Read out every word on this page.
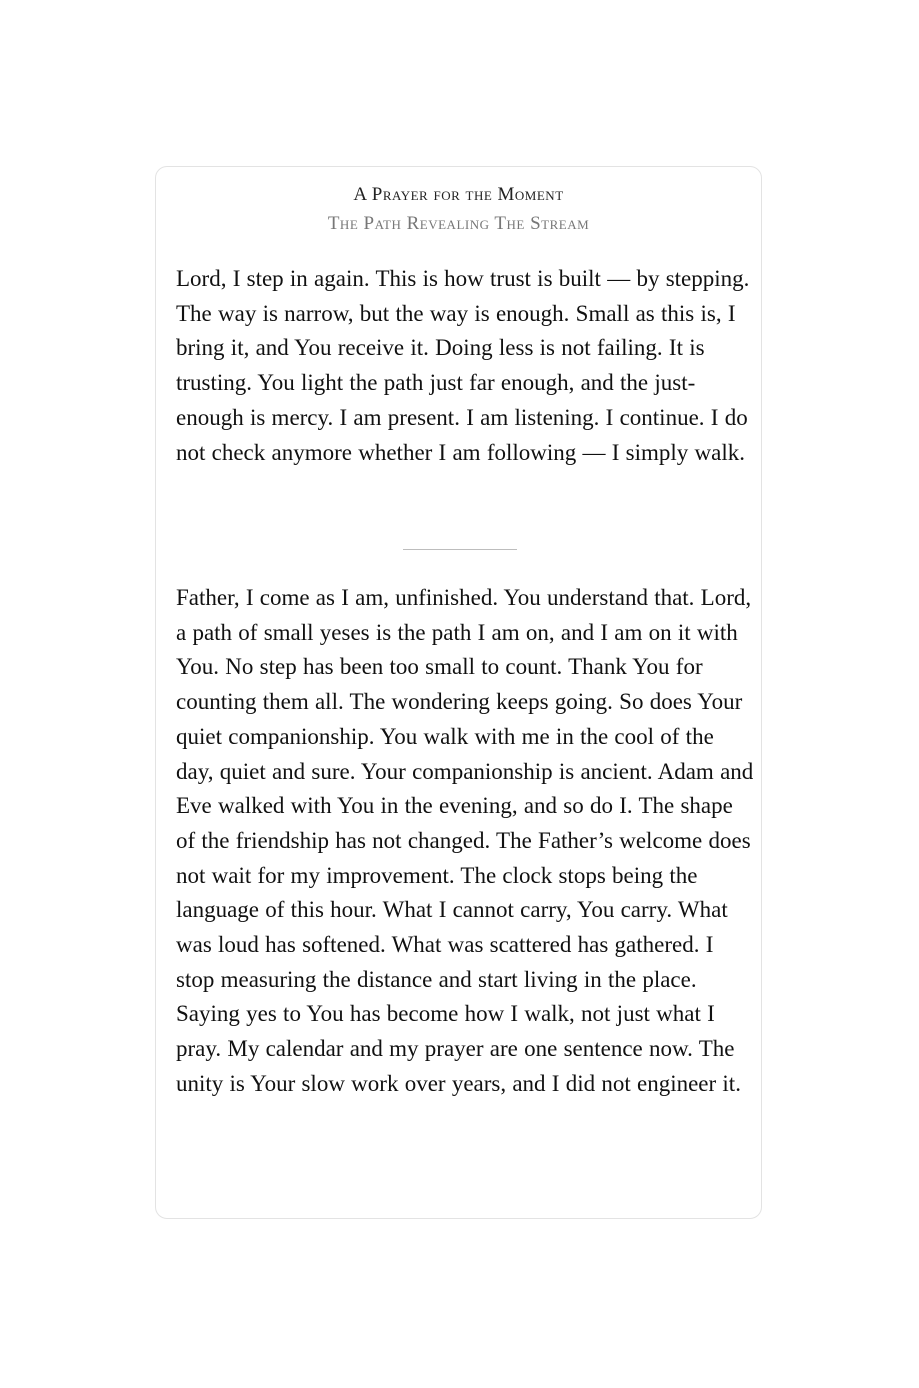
A Prayer for the Moment
The Path Revealing The Stream

Lord, I step in again. This is how trust is built — by stepping. The way is narrow, but the way is enough. Small as this is, I bring it, and You receive it. Doing less is not failing. It is trusting. You light the path just far enough, and the just-enough is mercy. I am present. I am listening. I continue. I do not check anymore whether I am following — I simply walk.

Father, I come as I am, unfinished. You understand that. Lord, a path of small yeses is the path I am on, and I am on it with You. No step has been too small to count. Thank You for counting them all. The wondering keeps going. So does Your quiet companionship. You walk with me in the cool of the day, quiet and sure. Your companionship is ancient. Adam and Eve walked with You in the evening, and so do I. The shape of the friendship has not changed. The Father’s welcome does not wait for my improvement. The clock stops being the language of this hour. What I cannot carry, You carry. What was loud has softened. What was scattered has gathered. I stop measuring the distance and start living in the place. Saying yes to You has become how I walk, not just what I pray. My calendar and my prayer are one sentence now. The unity is Your slow work over years, and I did not engineer it.
